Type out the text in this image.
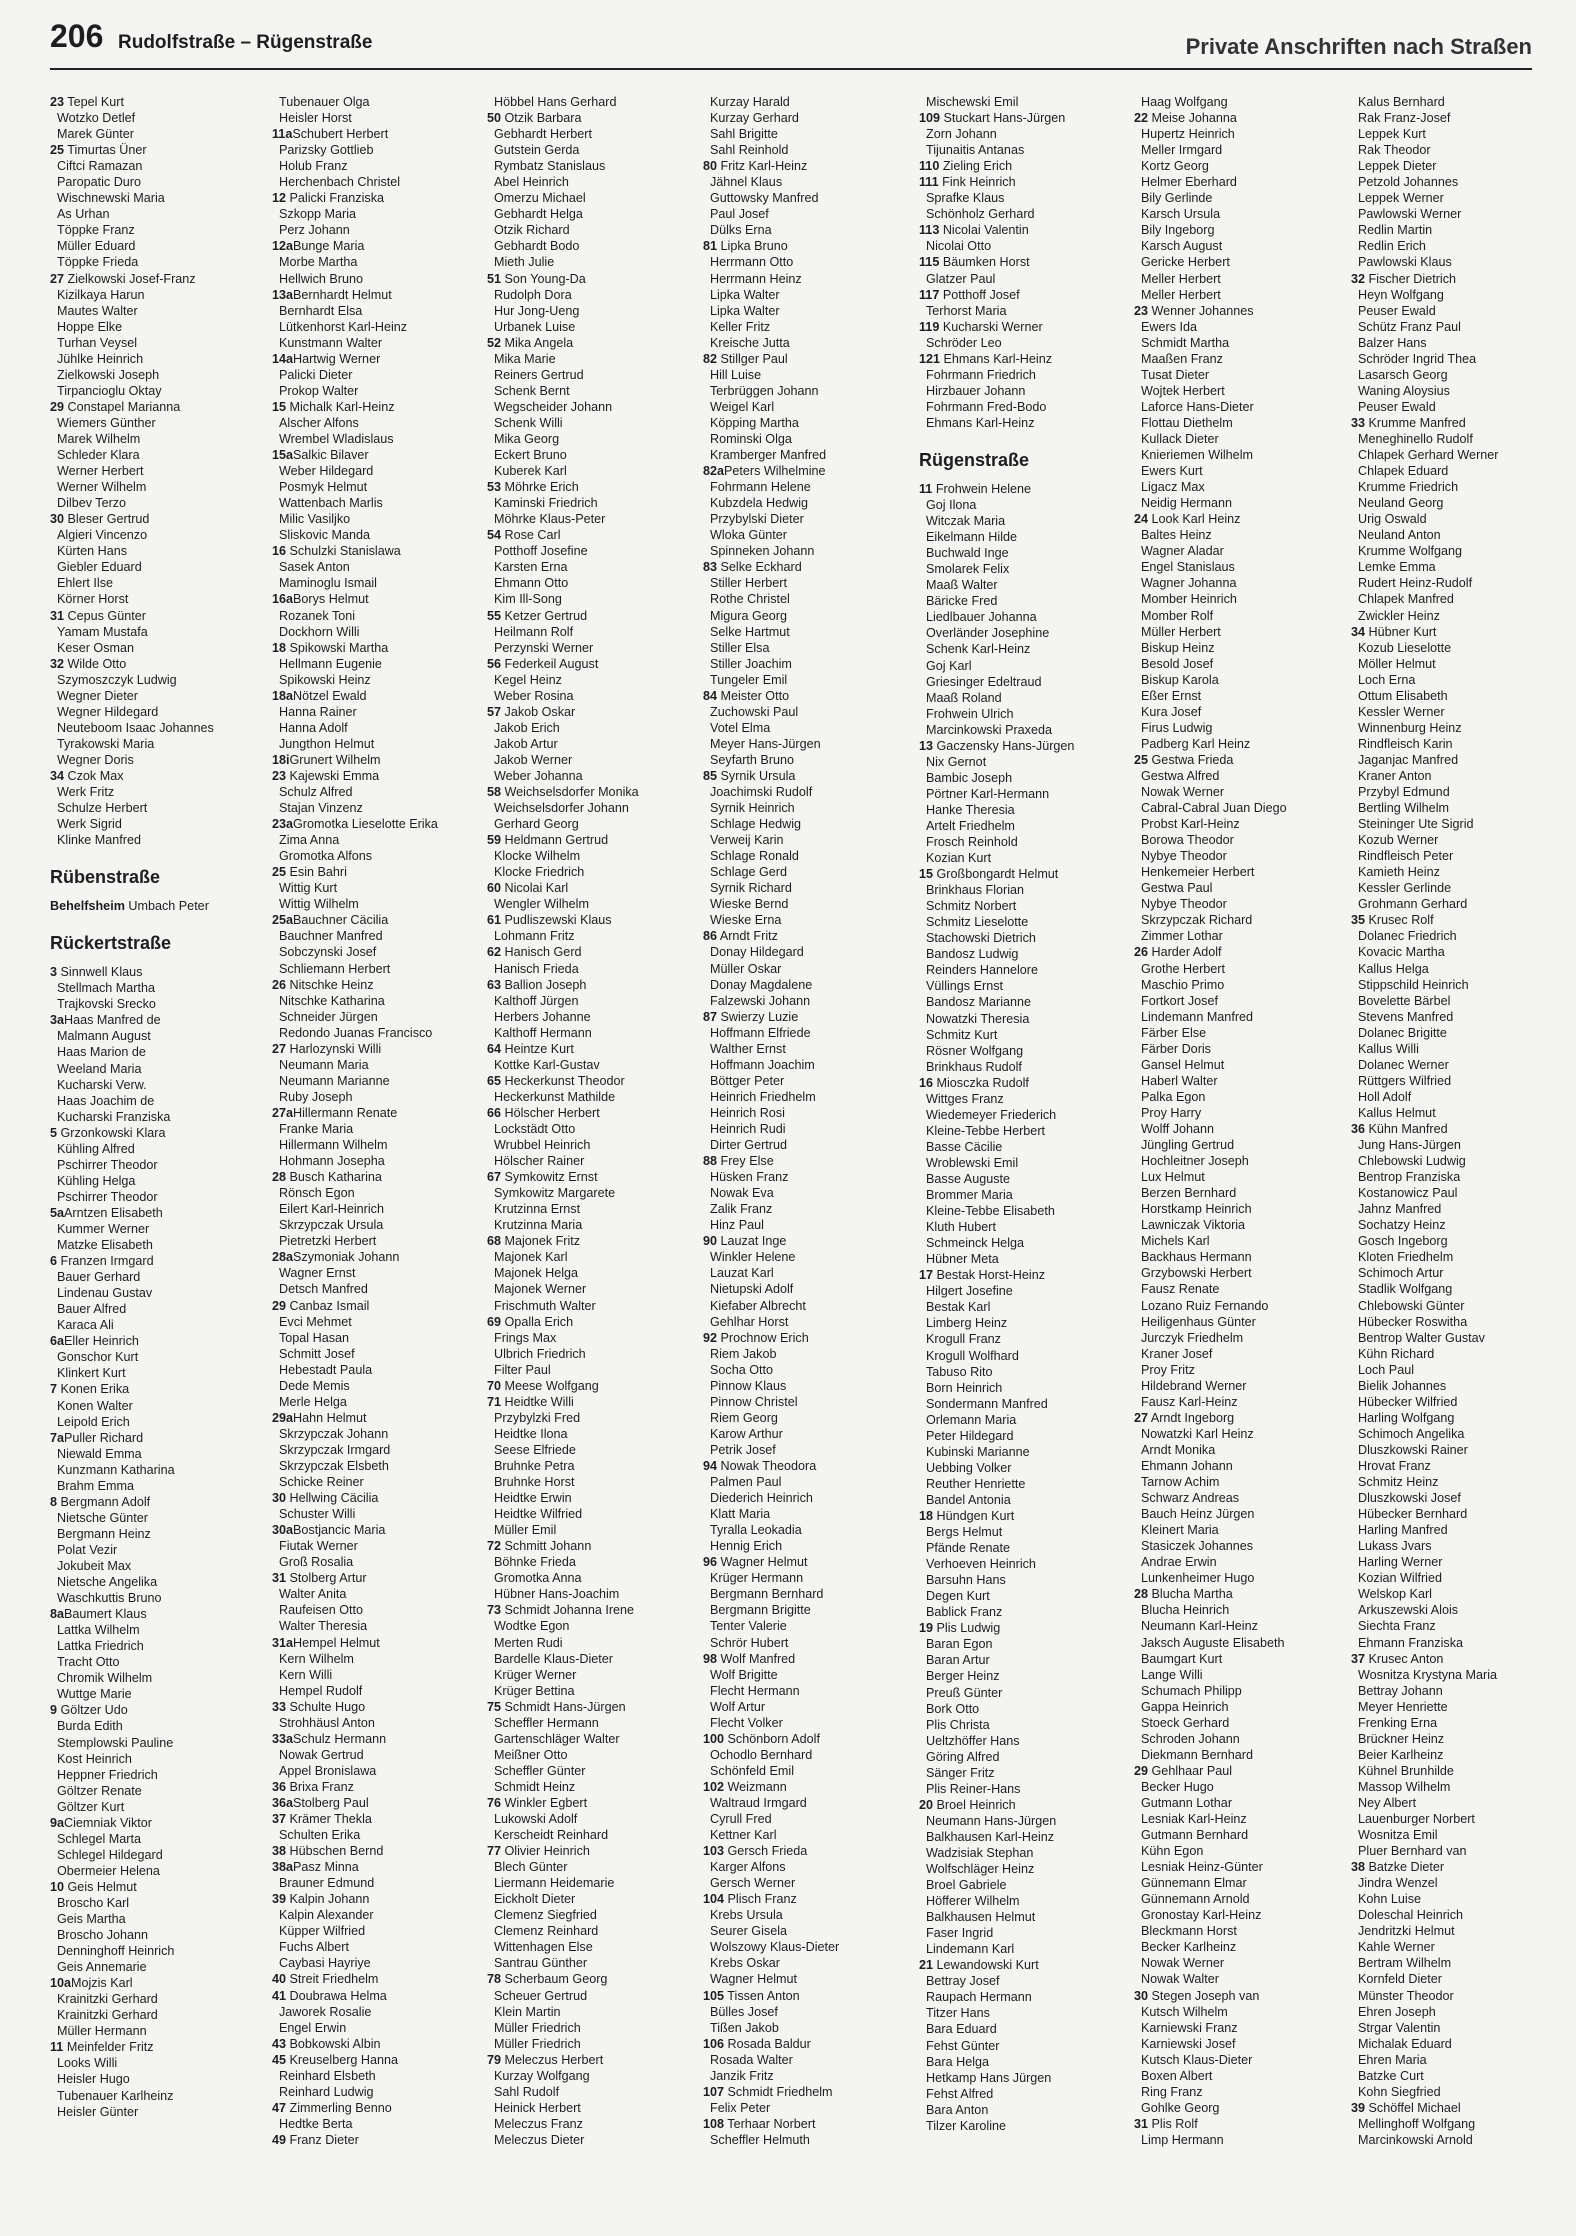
206 Rudolfstraße – Rügenstraße	Private Anschriften nach Straßen
23 Tepel Kurt
Wotzko Detlef
Marek Günter
25 Timurtas Üner
Ciftci Ramazan
Paropatic Duro
Wischnewski Maria
As Urhan
Töppke Franz
Müller Eduard
Töppke Frieda
27 Zielkowski Josef-Franz
Kizilkaya Harun
Mautes Walter
Hoppe Elke
Turhan Veysel
Jühlke Heinrich
Zielkowski Joseph
Tirpancioglu Oktay
29 Constapel Marianna
Wiemers Günther
Marek Wilhelm
Schleder Klara
Werner Herbert
Werner Wilhelm
Dilbev Terzo
30 Bleser Gertrud
Algieri Vincenzo
Kürten Hans
Giebler Eduard
Ehlert Ilse
Körner Horst
31 Cepus Günter
Yamam Mustafa
Keser Osman
32 Wilde Otto
Szymoszczyk Ludwig
Wegner Dieter
Wegner Hildegard
Neuteboom Isaac Johannes
Tyrakowski Maria
Wegner Doris
34 Czok Max
Werk Fritz
Schulze Herbert
Werk Sigrid
Klinke Manfred
Rübenstraße
Behelfsheim Umbach Peter
Rückertstraße
3 Sinnwell Klaus
Stellmach Martha
Trajkovski Srecko
3aHaas Manfred de
Malmann August
Haas Marion de
Weeland Maria
Kucharski Verw.
Haas Joachim de
Kucharski Franziska
5 Grzonkowski Klara
Kühling Alfred
Pschirrer Theodor
Kühling Helga
Pschirrer Theodor
5aArntzen Elisabeth
Kummer Werner
Matzke Elisabeth
6 Franzen Irmgard
Bauer Gerhard
Lindenau Gustav
Bauer Alfred
Karaca Ali
6aEller Heinrich
Gonschor Kurt
Klinkert Kurt
7 Konen Erika
Konen Walter
Leipold Erich
7aPuller Richard
Niewald Emma
Kunzmann Katharina
Brahm Emma
8 Bergmann Adolf
Nietsche Günter
Bergmann Heinz
Polat Vezir
Jokubeit Max
Nietsche Angelika
Waschkuttis Bruno
8aBaumert Klaus
Lattka Wilhelm
Lattka Friedrich
Tracht Otto
Chromik Wilhelm
Wuttge Marie
9 Göltzer Udo
Burda Edith
Stemplowski Pauline
Kost Heinrich
Heppner Friedrich
Göltzer Renate
Göltzer Kurt
9aCiemniak Viktor
Schlegel Marta
Schlegel Hildegard
Obermeier Helena
10 Geis Helmut
Broscho Karl
Geis Martha
Broscho Johann
Denninghoff Heinrich
Geis Annemarie
10aMojzis Karl
Krainitzki Gerhard
Krainitzki Gerhard
Müller Hermann
11 Meinfelder Fritz
Looks Willi
Heisler Hugo
Tubenauer Karlheinz
Heisler Günter
Tubenauer Olga
Heisler Horst
11aSchubert Herbert
Parizsky Gottlieb
Holub Franz
Herchenbach Christel
12 Palicki Franziska
Szkopp Maria
Perz Johann
12aBunge Maria
Morbe Martha
Hellwich Bruno
13aBernhardt Helmut
Bernhardt Elsa
Lütkenhorst Karl-Heinz
Kunstmann Walter
14aHartwig Werner
Palicki Dieter
Prokop Walter
15 Michalk Karl-Heinz
Alscher Alfons
Wrembel Wladislaus
15aSalkic Bilaver
Weber Hildegard
Posmyk Helmut
Wattenbach Marlis
Milic Vasiljko
Sliskovic Manda
16 Schulzki Stanislawa
Sasek Anton
Maminoglu Ismail
16aBorys Helmut
Rozanek Toni
Dockhorn Willi
18 Spikowski Martha
Hellmann Eugenie
Spikowski Heinz
18aNötzel Ewald
Hanna Rainer
Hanna Adolf
Jungthon Helmut
18iGrunert Wilhelm
23 Kajewski Emma
Schulz Alfred
Stajan Vinzenz
23aGromotka Lieselotte Erika
Zima Anna
Gromotka Alfons
25 Esin Bahri
Wittig Kurt
Wittig Wilhelm
25aBauchner Cäcilia
Bauchner Manfred
Sobczynski Josef
Schliemann Herbert
26 Nitschke Heinz
Nitschke Katharina
Schneider Jürgen
Redondo Juanas Francisco
27 Harlozynski Willi
Neumann Maria
Neumann Marianne
Ruby Joseph
27aHillermann Renate
Franke Maria
Hillermann Wilhelm
Hohmann Josepha
28 Busch Katharina
Rönsch Egon
Eilert Karl-Heinrich
Skrzypczak Ursula
Pietretzki Herbert
28aSzymoniak Johann
Wagner Ernst
Detsch Manfred
29 Canbaz Ismail
Evci Mehmet
Topal Hasan
Schmitt Josef
Hebestadt Paula
Dede Memis
Merle Helga
29aHahn Helmut
Skrzypczak Johann
Skrzypczak Irmgard
Skrzypczak Elsbeth
Schicke Reiner
30 Hellwing Cäcilia
Schuster Willi
30aBostjancic Maria
Fiutak Werner
Groß Rosalia
31 Stolberg Artur
Walter Anita
Raufeisen Otto
Walter Theresia
31aHempel Helmut
Kern Wilhelm
Kern Willi
Hempel Rudolf
33 Schulte Hugo
Strohhäusl Anton
33aSchulz Hermann
Nowak Gertrud
Appel Bronislawa
36 Brixa Franz
36aStolberg Paul
37 Krämer Thekla
Schulten Erika
38 Hübschen Bernd
38aPasz Minna
Brauner Edmund
39 Kalpin Johann
Kalpin Alexander
Küpper Wilfried
Fuchs Albert
Caybasi Hayriye
40 Streit Friedhelm
41 Doubrawa Helma
Jaworek Rosalie
Engel Erwin
43 Bobkowski Albin
45 Kreuselberg Hanna
Reinhard Elsbeth
Reinhard Ludwig
47 Zimmerling Benno
Hedtke Berta
49 Franz Dieter
Höbbel Hans Gerhard
50 Otzik Barbara
Gebhardt Herbert
Gutstein Gerda
Rymbatz Stanislaus
Abel Heinrich
Omerzu Michael
Gebhardt Helga
Otzik Richard
Gebhardt Bodo
Mieth Julie
51 Son Young-Da
Rudolph Dora
Hur Jong-Ueng
Urbanek Luise
52 Mika Angela
Mika Marie
Reiners Gertrud
Schenk Bernt
Wegscheider Johann
Schenk Willi
Mika Georg
Eckert Bruno
Kuberek Karl
53 Möhrke Erich
Kaminski Friedrich
Möhrke Klaus-Peter
54 Rose Carl
Potthoff Josefine
Karsten Erna
Ehmann Otto
Kim Ill-Song
55 Ketzer Gertrud
Heilmann Rolf
Perzynski Werner
56 Federkeil August
Kegel Heinz
Weber Rosina
57 Jakob Oskar
Jakob Erich
Jakob Artur
Jakob Werner
Weber Johanna
58 Weichselsdorfer Monika
Weichselsdorfer Johann
Gerhard Georg
59 Heldmann Gertrud
Klocke Wilhelm
Klocke Friedrich
60 Nicolai Karl
Wengler Wilhelm
61 Pudliszewski Klaus
Lohmann Fritz
62 Hanisch Gerd
Hanisch Frieda
63 Ballion Joseph
Kalthoff Jürgen
Herbers Johanne
Kalthoff Hermann
64 Heintze Kurt
Kottke Karl-Gustav
65 Heckerkunst Theodor
Heckerkunst Mathilde
66 Hölscher Herbert
Lockstädt Otto
Wrubbel Heinrich
Hölscher Rainer
67 Symkowitz Ernst
Symkowitz Margarete
Krutzinna Ernst
Krutzinna Maria
68 Majonek Fritz
Majonek Karl
Majonek Helga
Majonek Werner
Frischmuth Walter
69 Opalla Erich
Frings Max
Ulbrich Friedrich
Filter Paul
70 Meese Wolfgang
71 Heidtke Willi
Przybylzki Fred
Heidtke Ilona
Seese Elfriede
Bruhnke Petra
Bruhnke Horst
Heidtke Erwin
Heidtke Wilfried
Müller Emil
72 Schmitt Johann
Böhnke Frieda
Gromotka Anna
Hübner Hans-Joachim
73 Schmidt Johanna Irene
Wodtke Egon
Merten Rudi
Bardelle Klaus-Dieter
Krüger Werner
Krüger Bettina
75 Schmidt Hans-Jürgen
Scheffler Hermann
Gartenschläger Walter
Meißner Otto
Scheffler Günter
Schmidt Heinz
76 Winkler Egbert
Lukowski Adolf
Kerscheidt Reinhard
77 Olivier Heinrich
Blech Günter
Liermann Heidemarie
Eickholt Dieter
Clemenz Siegfried
Clemenz Reinhard
Wittenhagen Else
Santrau Günther
78 Scherbaum Georg
Scheuer Gertrud
Klein Martin
Müller Friedrich
Müller Friedrich
79 Meleczus Herbert
Kurzay Wolfgang
Sahl Rudolf
Heinick Herbert
Meleczus Franz
Meleczus Dieter
Kurzay Harald
Kurzay Gerhard
Sahl Brigitte
Sahl Reinhold
80 Fritz Karl-Heinz
Jähnel Klaus
Guttowsky Manfred
Paul Josef
Dülks Erna
81 Lipka Bruno
Herrmann Otto
Herrmann Heinz
Lipka Walter
Lipka Walter
Keller Fritz
Kreische Jutta
82 Stillger Paul
Hill Luise
Terbrüggen Johann
Weigel Karl
Köpping Martha
Rominski Olga
Kramberger Manfred
82aPeters Wilhelmine
Fohrmann Helene
Kubzdela Hedwig
Przybylski Dieter
Wloka Günter
Spinneken Johann
83 Selke Eckhard
Stiller Herbert
Rothe Christel
Migura Georg
Selke Hartmut
Stiller Elsa
Stiller Joachim
Tungeler Emil
84 Meister Otto
Zuchowski Paul
Votel Elma
Meyer Hans-Jürgen
Seyfarth Bruno
85 Syrnik Ursula
Joachimski Rudolf
Syrnik Heinrich
Schlage Hedwig
Verweij Karin
Schlage Ronald
Schlage Gerd
Syrnik Richard
Wieske Bernd
Wieske Erna
86 Arndt Fritz
Donay Hildegard
Müller Oskar
Donay Magdalene
Falzewski Johann
87 Swierzy Luzie
Hoffmann Elfriede
Walther Ernst
Hoffmann Joachim
Böttger Peter
Heinrich Friedhelm
Heinrich Rosi
Heinrich Rudi
Dirter Gertrud
88 Frey Else
Hüsken Franz
Nowak Eva
Zalik Franz
Hinz Paul
90 Lauzat Inge
Winkler Helene
Lauzat Karl
Nietupski Adolf
Kiefaber Albrecht
Gehlhar Horst
92 Prochnow Erich
Riem Jakob
Socha Otto
Pinnow Klaus
Pinnow Christel
Riem Georg
Karow Arthur
Petrik Josef
94 Nowak Theodora
Palmen Paul
Diederich Heinrich
Klatt Maria
Tyralla Leokadia
Hennig Erich
96 Wagner Helmut
Krüger Hermann
Bergmann Bernhard
Bergmann Brigitte
Tenter Valerie
Schrör Hubert
98 Wolf Manfred
Wolf Brigitte
Flecht Hermann
Wolf Artur
Flecht Volker
100 Schönborn Adolf
Ochodlo Bernhard
Schönfeld Emil
102 Weizmann
Waltraud Irmgard
Cyrull Fred
Kettner Karl
103 Gersch Frieda
Karger Alfons
Gersch Werner
104 Plisch Franz
Krebs Ursula
Seurer Gisela
Wolszowy Klaus-Dieter
Krebs Oskar
Wagner Helmut
105 Tissen Anton
Bülles Josef
Tißen Jakob
106 Rosada Baldur
Rosada Walter
Janzik Fritz
107 Schmidt Friedhelm
Felix Peter
108 Terhaar Norbert
Scheffler Helmuth
Mischewski Emil
109 Stuckart Hans-Jürgen
Zorn Johann
Tijunaitis Antanas
110 Zieling Erich
111 Fink Heinrich
Sprafke Klaus
Schönholz Gerhard
113 Nicolai Valentin
Nicolai Otto
115 Bäumken Horst
Glatzer Paul
117 Potthoff Josef
Terhorst Maria
119 Kucharski Werner
Schröder Leo
121 Ehmans Karl-Heinz
Fohrmann Friedrich
Hirzbauer Johann
Fohrmann Fred-Bodo
Ehmans Karl-Heinz
Rügenstraße
11 Frohwein Helene
Goj Ilona
Witczak Maria
Eikelmann Hilde
Buchwald Inge
Smolarek Felix
Maaß Walter
Bäricke Fred
Liedlbauer Johanna
Overländer Josephine
Schenk Karl-Heinz
Goj Karl
Griesinger Edeltraud
Maaß Roland
Frohwein Ulrich
Marcinkowski Praxeda
13 Gaczensky Hans-Jürgen
Nix Gernot
Bambic Joseph
Pörtner Karl-Hermann
Hanke Theresia
Artelt Friedhelm
Frosch Reinhold
Kozian Kurt
15 Großbongardt Helmut
Brinkhaus Florian
Schmitz Norbert
Schmitz Lieselotte
Stachowski Dietrich
Bandosz Ludwig
Reinders Hannelore
Vüllings Ernst
Bandosz Marianne
Nowatzki Theresia
Schmitz Kurt
Rösner Wolfgang
Brinkhaus Rudolf
16 Miosczka Rudolf
Wittges Franz
Wiedemeyer Friederich
Kleine-Tebbe Herbert
Basse Cäcilie
Wroblewski Emil
Basse Auguste
Brommer Maria
Kleine-Tebbe Elisabeth
Kluth Hubert
Schmeinck Helga
Hübner Meta
17 Bestak Horst-Heinz
Hilgert Josefine
Bestak Karl
Limberg Heinz
Krogull Franz
Krogull Wolfhard
Tabuso Rito
Born Heinrich
Sondermann Manfred
Orlemann Maria
Peter Hildegard
Kubinski Marianne
Uebbing Volker
Reuther Henriette
Bandel Antonia
18 Hündgen Kurt
Bergs Helmut
Pfände Renate
Verhoeven Heinrich
Barsuhn Hans
Degen Kurt
Bablick Franz
19 Plis Ludwig
Baran Egon
Baran Artur
Berger Heinz
Preuß Günter
Bork Otto
Plis Christa
Ueltzhöffer Hans
Göring Alfred
Sänger Fritz
Plis Reiner-Hans
20 Broel Heinrich
Neumann Hans-Jürgen
Balkhausen Karl-Heinz
Wadzisiak Stephan
Wolfschläger Heinz
Broel Gabriele
Höfferer Wilhelm
Balkhausen Helmut
Faser Ingrid
Lindemann Karl
21 Lewandowski Kurt
Bettray Josef
Raupach Hermann
Titzer Hans
Bara Eduard
Fehst Günter
Bara Helga
Hetkamp Hans Jürgen
Fehst Alfred
Bara Anton
Tilzer Karoline
Haag Wolfgang
22 Meise Johanna
Hupertz Heinrich
Meller Irmgard
Kortz Georg
Helmer Eberhard
Bily Gerlinde
Karsch Ursula
Bily Ingeborg
Karsch August
Gericke Herbert
Meller Herbert
Meller Herbert
23 Wenner Johannes
Ewers Ida
Schmidt Martha
Maaßen Franz
Tusat Dieter
Wojtek Herbert
Laforce Hans-Dieter
Flottau Diethelm
Kullack Dieter
Knieriemen Wilhelm
Ewers Kurt
Ligacz Max
Neidig Hermann
24 Look Karl Heinz
Baltes Heinz
Wagner Aladar
Engel Stanislaus
Wagner Johanna
Momber Heinrich
Momber Rolf
Müller Herbert
Biskup Heinz
Besold Josef
Biskup Karola
Eßer Ernst
Kura Josef
Firus Ludwig
Padberg Karl Heinz
25 Gestwa Frieda
Gestwa Alfred
Nowak Werner
Cabral-Cabral Juan Diego
Probst Karl-Heinz
Borowa Theodor
Nybye Theodor
Henkemeier Herbert
Gestwa Paul
Nybye Theodor
Skrzypczak Richard
Zimmer Lothar
26 Harder Adolf
Grothe Herbert
Maschio Primo
Fortkort Josef
Lindemann Manfred
Färber Else
Färber Doris
Gansel Helmut
Haberl Walter
Palka Egon
Proy Harry
Wolff Johann
Jüngling Gertrud
Hochleitner Joseph
Lux Helmut
Berzen Bernhard
Horstkamp Heinrich
Lawniczak Viktoria
Michels Karl
Backhaus Hermann
Grzybowski Herbert
Fausz Renate
Lozano Ruiz Fernando
Heiligenhaus Günter
Jurczyk Friedhelm
Kraner Josef
Proy Fritz
Hildebrand Werner
Fausz Karl-Heinz
27 Arndt Ingeborg
Nowatzki Karl Heinz
Arndt Monika
Ehmann Johann
Tarnow Achim
Schwarz Andreas
Bauch Heinz Jürgen
Kleinert Maria
Stasiczek Johannes
Andrae Erwin
Lunkenheimer Hugo
28 Blucha Martha
Blucha Heinrich
Neumann Karl-Heinz
Jaksch Auguste Elisabeth
Baumgart Kurt
Lange Willi
Schumach Philipp
Gappa Heinrich
Stoeck Gerhard
Schroden Johann
Diekmann Bernhard
29 Gehlhaar Paul
Becker Hugo
Gutmann Lothar
Lesniak Karl-Heinz
Gutmann Bernhard
Kühn Egon
Lesniak Heinz-Günter
Günnemann Elmar
Günnemann Arnold
Gronostay Karl-Heinz
Bleckmann Horst
Becker Karlheinz
Nowak Werner
Nowak Walter
30 Stegen Joseph van
Kutsch Wilhelm
Karniewski Franz
Karniewski Josef
Kutsch Klaus-Dieter
Boxen Albert
Ring Franz
Gohlke Georg
31 Plis Rolf
Limp Hermann
Kalus Bernhard
Rak Franz-Josef
Leppek Kurt
Rak Theodor
Leppek Dieter
Petzold Johannes
Leppek Werner
Pawlowski Werner
Redlin Martin
Redlin Erich
Pawlowski Klaus
32 Fischer Dietrich
Heyn Wolfgang
Peuser Ewald
Schütz Franz Paul
Balzer Hans
Schröder Ingrid Thea
Lasarsch Georg
Waning Aloysius
Peuser Ewald
33 Krumme Manfred
Meneghinello Rudolf
Chlapek Gerhard Werner
Chlapek Eduard
Krumme Friedrich
Neuland Georg
Urig Oswald
Neuland Anton
Krumme Wolfgang
Lemke Emma
Rudert Heinz-Rudolf
Chlapek Manfred
Zwickler Heinz
34 Hübner Kurt
Kozub Lieselotte
Möller Helmut
Loch Erna
Ottum Elisabeth
Kessler Werner
Winnenburg Heinz
Rindfleisch Karin
Jaganjac Manfred
Kraner Anton
Przybyl Edmund
Bertling Wilhelm
Steininger Ute Sigrid
Kozub Werner
Rindfleisch Peter
Kamieth Heinz
Kessler Gerlinde
Grohmann Gerhard
35 Krusec Rolf
Dolanec Friedrich
Kovacic Martha
Kallus Helga
Stippschild Heinrich
Bovelette Bärbel
Stevens Manfred
Dolanec Brigitte
Kallus Willi
Dolanec Werner
Rüttgers Wilfried
Holl Adolf
Kallus Helmut
36 Kühn Manfred
Jung Hans-Jürgen
Chlebowski Ludwig
Bentrop Franziska
Kostanowicz Paul
Jahnz Manfred
Sochatzy Heinz
Gosch Ingeborg
Kloten Friedhelm
Schimoch Artur
Stadlik Wolfgang
Chlebowski Günter
Hübecker Roswitha
Bentrop Walter Gustav
Kühn Richard
Loch Paul
Bielik Johannes
Hübecker Wilfried
Harling Wolfgang
Schimoch Angelika
Dluszkowski Rainer
Hrovat Franz
Schmitz Heinz
Dluszkowski Josef
Hübecker Bernhard
Harling Manfred
Lukass Jvars
Harling Werner
Kozian Wilfried
Welskop Karl
Arkuszewski Alois
Siechta Franz
Ehmann Franziska
37 Krusec Anton
Wosnitza Krystyna Maria
Bettray Johann
Meyer Henriette
Frenking Erna
Brückner Heinz
Beier Karlheinz
Kühnel Brunhilde
Massop Wilhelm
Ney Albert
Lauenburger Norbert
Wosnitza Emil
Pluer Bernhard van
38 Batzke Dieter
Jindra Wenzel
Kohn Luise
Doleschal Heinrich
Jendritzki Helmut
Kahle Werner
Bertram Wilhelm
Kornfeld Dieter
Münster Theodor
Ehren Joseph
Strgar Valentin
Michalak Eduard
Ehren Maria
Batzke Curt
Kohn Siegfried
39 Schöffel Michael
Mellinghoff Wolfgang
Marcinkowski Arnold
